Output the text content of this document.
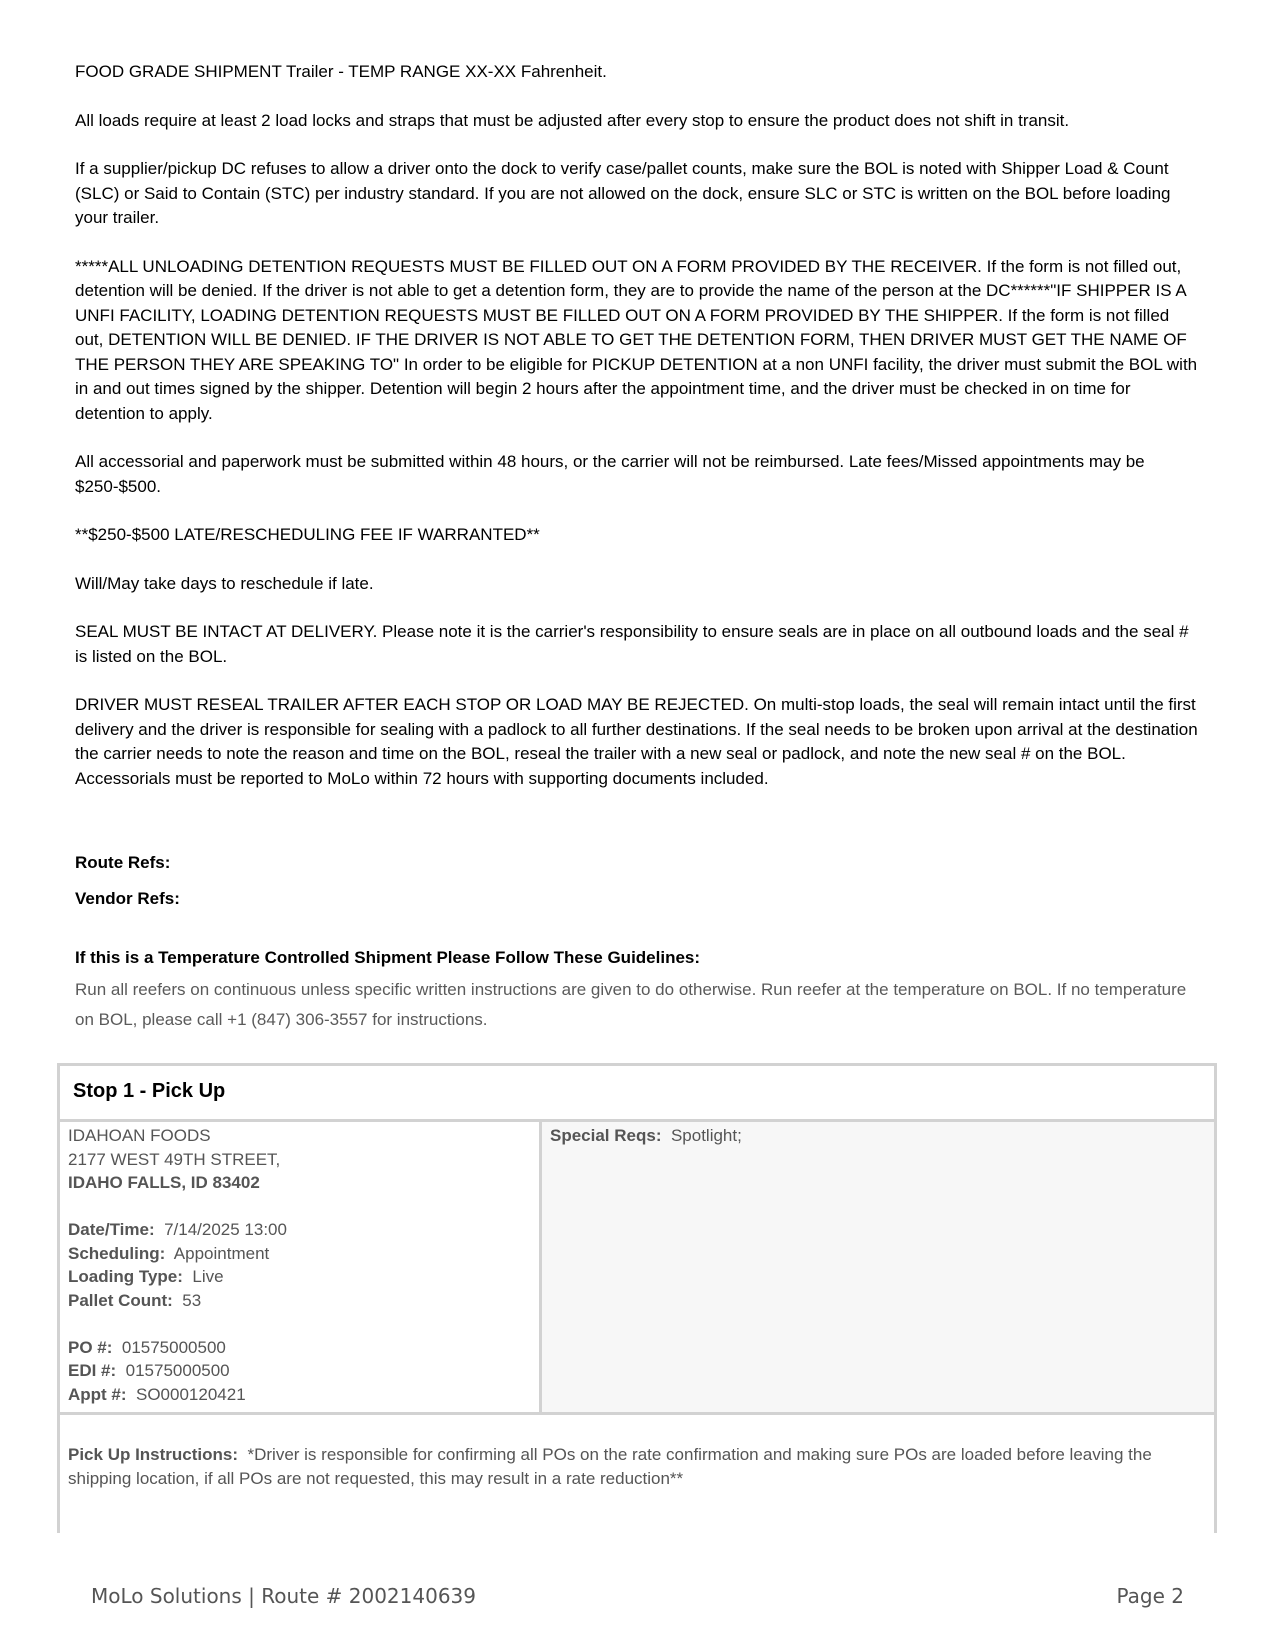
FOOD GRADE SHIPMENT Trailer - TEMP RANGE XX-XX Fahrenheit.

All loads require at least 2 load locks and straps that must be adjusted after every stop to ensure the product does not shift in transit.

If a supplier/pickup DC refuses to allow a driver onto the dock to verify case/pallet counts, make sure the BOL is noted with Shipper Load & Count (SLC) or Said to Contain (STC) per industry standard. If you are not allowed on the dock, ensure SLC or STC is written on the BOL before loading your trailer.

*****ALL UNLOADING DETENTION REQUESTS MUST BE FILLED OUT ON A FORM PROVIDED BY THE RECEIVER. If the form is not filled out, detention will be denied. If the driver is not able to get a detention form, they are to provide the name of the person at the DC******"IF SHIPPER IS A UNFI FACILITY, LOADING DETENTION REQUESTS MUST BE FILLED OUT ON A FORM PROVIDED BY THE SHIPPER. If the form is not filled out, DETENTION WILL BE DENIED. IF THE DRIVER IS NOT ABLE TO GET THE DETENTION FORM, THEN DRIVER MUST GET THE NAME OF THE PERSON THEY ARE SPEAKING TO" In order to be eligible for PICKUP DETENTION at a non UNFI facility, the driver must submit the BOL with in and out times signed by the shipper. Detention will begin 2 hours after the appointment time, and the driver must be checked in on time for detention to apply.

All accessorial and paperwork must be submitted within 48 hours, or the carrier will not be reimbursed. Late fees/Missed appointments may be $250-$500.

**$250-$500 LATE/RESCHEDULING FEE IF WARRANTED**

Will/May take days to reschedule if late.

SEAL MUST BE INTACT AT DELIVERY. Please note it is the carrier's responsibility to ensure seals are in place on all outbound loads and the seal # is listed on the BOL.

DRIVER MUST RESEAL TRAILER AFTER EACH STOP OR LOAD MAY BE REJECTED. On multi-stop loads, the seal will remain intact until the first delivery and the driver is responsible for sealing with a padlock to all further destinations. If the seal needs to be broken upon arrival at the destination the carrier needs to note the reason and time on the BOL, reseal the trailer with a new seal or padlock, and note the new seal # on the BOL.

Accessorials must be reported to MoLo within 72 hours with supporting documents included.

Route Refs:
Vendor Refs:
If this is a Temperature Controlled Shipment Please Follow These Guidelines:
Run all reefers on continuous unless specific written instructions are given to do otherwise. Run reefer at the temperature on BOL. If no temperature on BOL, please call +1 (847) 306-3557 for instructions.
Stop 1 - Pick Up
IDAHOAN FOODS
2177 WEST 49TH STREET,
IDAHO FALLS, ID 83402
Date/Time: 7/14/2025 13:00
Scheduling: Appointment
Loading Type: Live
Pallet Count: 53
PO #: 01575000500
EDI #: 01575000500
Appt #: SO000120421
Special Reqs: Spotlight;
Pick Up Instructions: *Driver is responsible for confirming all POs on the rate confirmation and making sure POs are loaded before leaving the shipping location, if all POs are not requested, this may result in a rate reduction**
MoLo Solutions | Route # 2002140639	Page 2
